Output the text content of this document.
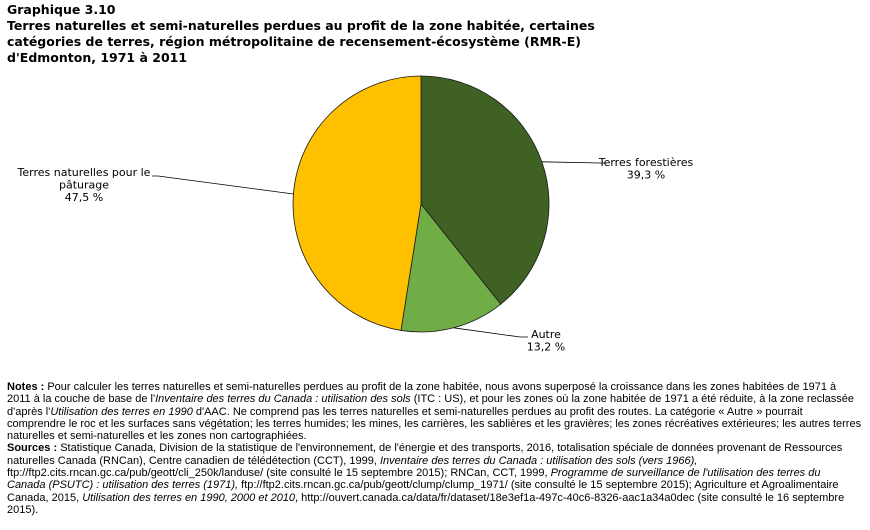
Graphique 3.10
Terres naturelles et semi-naturelles perdues au profit de la zone habitée, certaines
catégories de terres, région métropolitaine de recensement-écosystème (RMR-E)
d'Edmonton, 1971 à 2011
Terres forestières
39,3 %
Autre
13,2 %
Terres naturelles pour le
pâturage
47,5 %

Notes : Pour calculer les terres naturelles et semi-naturelles perdues au profit de la zone habitée, nous avons superposé la croissance dans les zones habitées de 1971 à 2011 à la couche de base de l'Inventaire des terres du Canada : utilisation des sols (ITC : US), et pour les zones où la zone habitée de 1971 a été réduite, à la zone reclassée d'après l'Utilisation des terres en 1990 d'AAC. Ne comprend pas les terres naturelles et semi-naturelles perdues au profit des routes. La catégorie « Autre » pourrait comprendre le roc et les surfaces sans végétation; les terres humides; les mines, les carrières, les sablières et les gravières; les zones récréatives extérieures; les autres terres naturelles et semi-naturelles et les zones non cartographiées.

Sources : Statistique Canada, Division de la statistique de l'environnement, de l'énergie et des transports, 2016, totalisation spéciale de données provenant de Ressources naturelles Canada (RNCan), Centre canadien de télédétection (CCT), 1999, Inventaire des terres du Canada : utilisation des sols (vers 1966), ftp://ftp2.cits.rncan.gc.ca/pub/geott/cli_250k/landuse/ (site consulté le 15 septembre 2015); RNCan, CCT, 1999, Programme de surveillance de l'utilisation des terres du Canada (PSUTC) : utilisation des terres (1971), ftp://ftp2.cits.rncan.gc.ca/pub/geott/clump/clump_1971/ (site consulté le 15 septembre 2015); Agriculture et Agroalimentaire Canada, 2015, Utilisation des terres en 1990, 2000 et 2010, http://ouvert.canada.ca/data/fr/dataset/18e3ef1a-497c-40c6-8326-aac1a34a0dec (site consulté le 16 septembre 2015).
